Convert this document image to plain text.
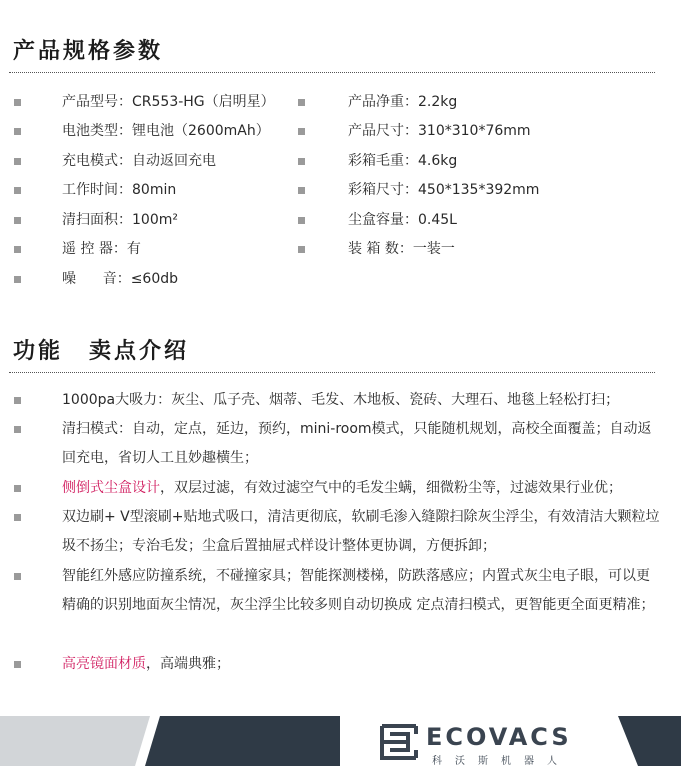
产品规格参数
产品型号：CR553-HG（启明星）
电池类型：锂电池（2600mAh）
充电模式：自动返回充电
工作时间：80min
清扫面积：100m²
遥 控 器：有
噪      音：≤60db
产品净重：2.2kg
产品尺寸：310*310*76mm
彩箱毛重：4.6kg
彩箱尺寸：450*135*392mm
尘盒容量：0.45L
装 箱 数：一装一
功能 卖点介绍
1000pa大吸力：灰尘、瓜子壳、烟蒂、毛发、木地板、瓷砖、大理石、地毯上轻松打扫；
清扫模式：自动，定点，延边，预约，mini-room模式，只能随机规划，高校全面覆盖；自动返回充电，省切人工且妙趣横生；
侧倒式尘盒设计，双层过滤，有效过滤空气中的毛发尘螨，细微粉尘等，过滤效果行业优；
双边刷+ V型滚刷+贴地式吸口，清洁更彻底，软刷毛渗入缝隙扫除灰尘浮尘，有效清洁大颗粒垃圾不扬尘；专治毛发；尘盒后置抽屉式样设计整体更协调，方便拆卸；
智能红外感应防撞系统，不碰撞家具；智能探测楼梯，防跌落感应；内置式灰尘电子眼，可以更精确的识别地面灰尘情况，灰尘浮尘比较多则自动切换成 定点清扫模式，更智能更全面更精准；
高亮镜面材质，高端典雅；
ECOVACS
科沃斯机器人
